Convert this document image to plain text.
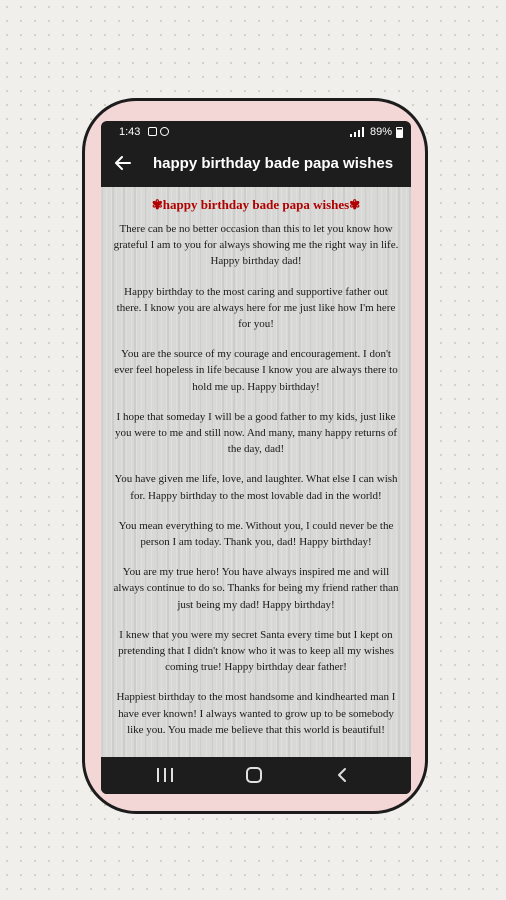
1:43	89%
happy birthday bade papa wishes
✾happy birthday bade papa wishes✾

There can be no better occasion than this to let you know how grateful I am to you for always showing me the right way in life. Happy birthday dad!

Happy birthday to the most caring and supportive father out there. I know you are always here for me just like how I'm here for you!

You are the source of my courage and encouragement. I don't ever feel hopeless in life because I know you are always there to hold me up. Happy birthday!

I hope that someday I will be a good father to my kids, just like you were to me and still now. And many, many happy returns of the day, dad!

You have given me life, love, and laughter. What else I can wish for. Happy birthday to the most lovable dad in the world!

You mean everything to me. Without you, I could never be the person I am today. Thank you, dad! Happy birthday!

You are my true hero! You have always inspired me and will always continue to do so. Thanks for being my friend rather than just being my dad! Happy birthday!

I knew that you were my secret Santa every time but I kept on pretending that I didn't know who it was to keep all my wishes coming true! Happy birthday dear father!

Happiest birthday to the most handsome and kindhearted man I have ever known! I always wanted to grow up to be somebody like you. You made me believe that this world is beautiful!
